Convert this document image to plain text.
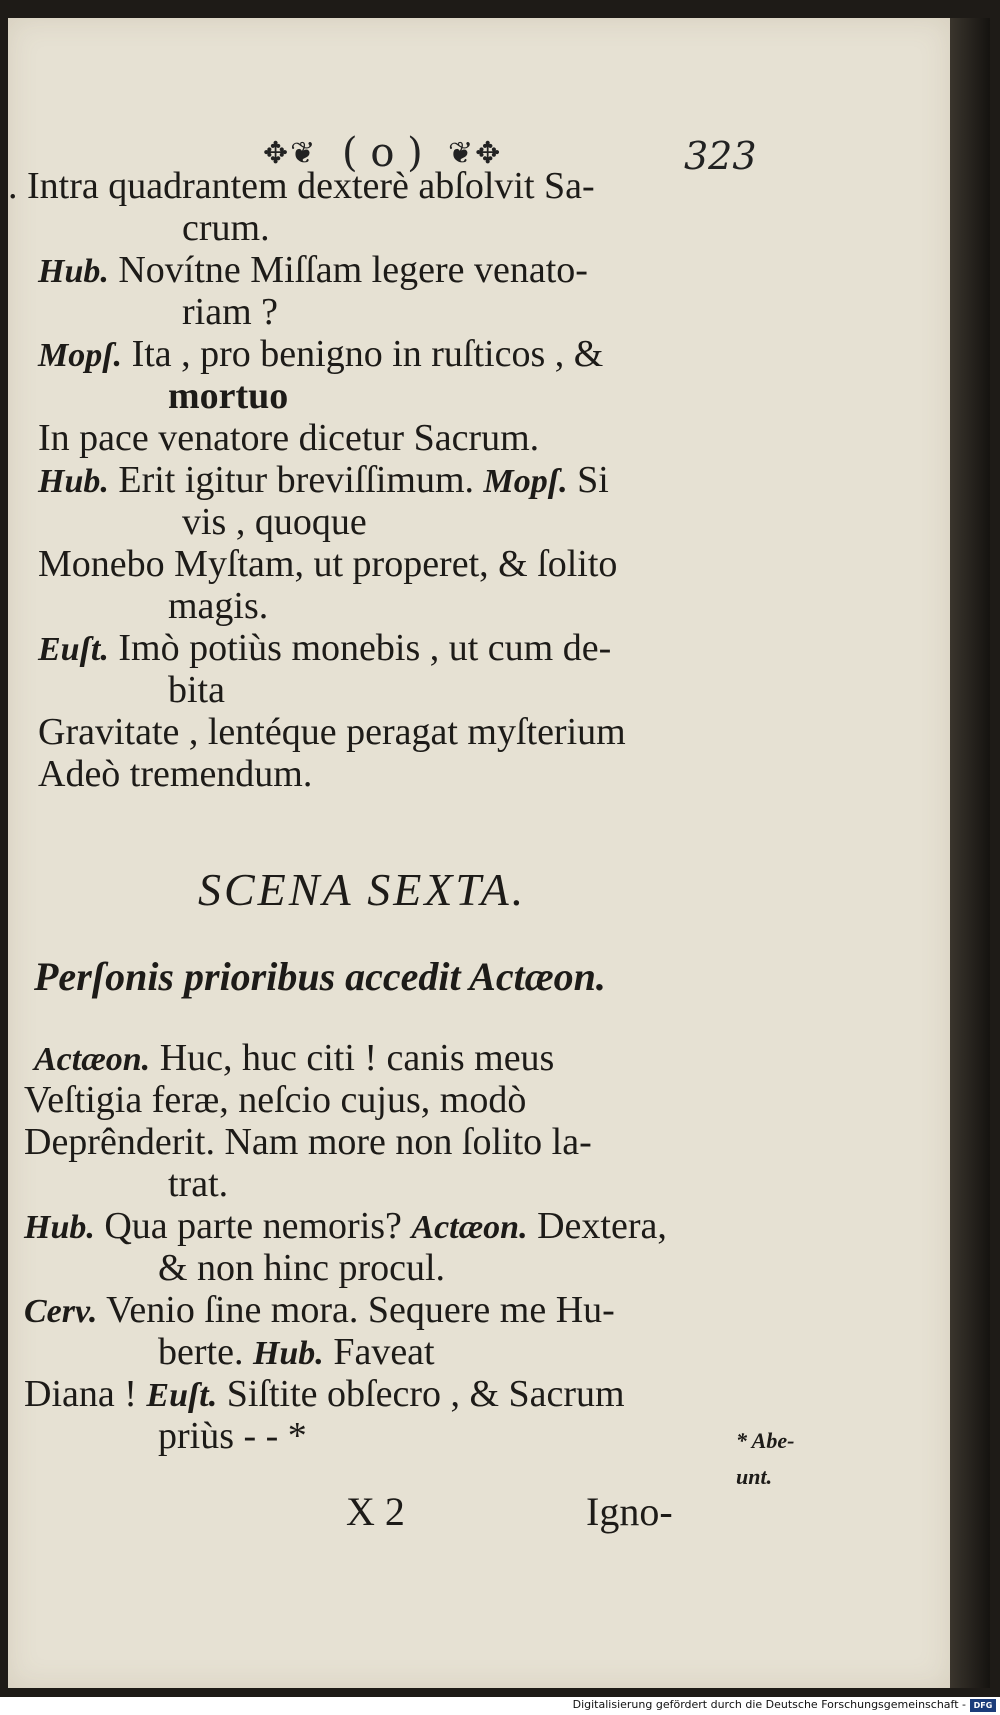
✥❦ ( o ) ❦✥	323
. Intra quadrantem dexterè abſolvit Sa-
crum.
Hub. Novítne Miſſam legere venato-
riam ?
Mopſ. Ita , pro benigno in ruſticos , &
mortuo
In pace venatore dicetur Sacrum.
Hub. Erit igitur breviſſimum. Mopſ. Si
vis , quoque
Monebo Myſtam, ut properet, & ſolito
magis.
Euſt. Imò potiùs monebis , ut cum de-
bita
Gravitate , lentéque peragat myſterium
Adeò tremendum.
SCENA SEXTA.
Perſonis prioribus accedit Actæon.
Actæon. Huc, huc citi ! canis meus
Veſtigia feræ, neſcio cujus, modò
Deprênderit. Nam more non ſolito la-
trat.
Hub. Qua parte nemoris? Actæon. Dextera,
& non hinc procul.
Cerv. Venio ſine mora. Sequere me Hu-
berte. Hub. Faveat
Diana ! Euſt. Siſtite obſecro , & Sacrum
priùs - - *	* Abe-
unt.
X 2	Igno-
Digitalisierung gefördert durch die Deutsche Forschungsgemeinschaft - DFG
